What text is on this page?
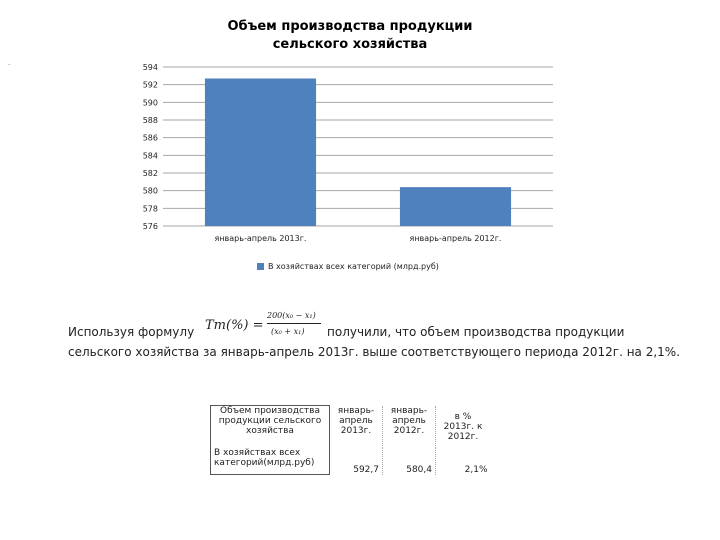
Объем производства продукции
сельского хозяйства
.
576
578
580
582
584
586
588
590
592
594
январь-апрель 2013г.	январь-апрель 2012г.
В хозяйствах всех категорий (млрд.руб)
Используя формулу Тт(%) =
200(x₀ − x₁)
(x₀ + x₁) получили, что объем производства продукции
сельского хозяйства за январь-апрель 2013г. выше соответствующего периода 2012г. на 2,1%.
Объем производства продукции сельского хозяйства	январь-апрель 2013г.	январь-апрель 2012г.	в % 2013г. к 2012г.
В хозяйствах всех категорий(млрд.руб)	592,7	580,4	2,1%
